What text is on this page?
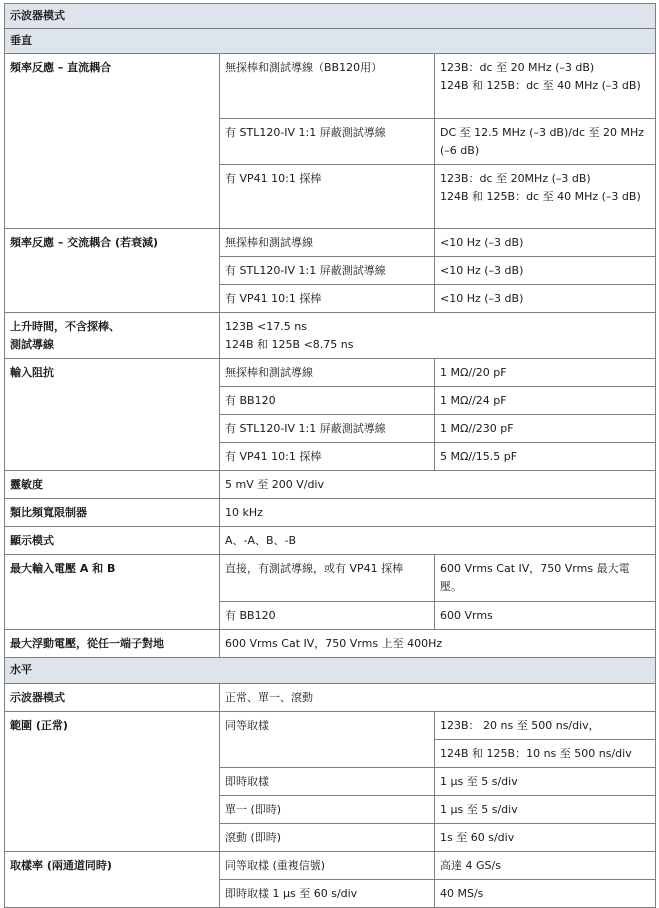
示波器模式		
垂直		
頻率反應 – 直流耦合	無探棒和測試導線（BB120用）	123B：dc 至 20 MHz (–3 dB)
124B 和 125B：dc 至 40 MHz (–3 dB)

	有 STL120-IV 1:1 屏蔽測試導線	DC 至 12.5 MHz (–3 dB)/dc 至 20 MHz (–6 dB)
	有 VP41 10:1 探棒	123B：dc 至 20MHz (–3 dB)
124B 和 125B：dc 至 40 MHz (–3 dB)

頻率反應 – 交流耦合 (若衰減)	無探棒和測試導線	<10 Hz (–3 dB)
	有 STL120-IV 1:1 屏蔽測試導線	<10 Hz (–3 dB)
	有 VP41 10:1 探棒	<10 Hz (–3 dB)

上升時間，不含探棒、
測試導線	123B <17.5 ns
124B 和 125B <8.75 ns	

輸入阻抗	無探棒和測試導線	1 MΩ//20 pF
	有 BB120	1 MΩ//24 pF
	有 STL120-IV 1:1 屏蔽測試導線	1 MΩ//230 pF
	有 VP41 10:1 探棒	5 MΩ//15.5 pF
靈敏度	5 mV 至 200 V/div	
類比頻寬限制器	10 kHz	
顯示模式	A、-A、B、-B	
最大輸入電壓 A 和 B	直接，有測試導線，或有 VP41 探棒	600 Vrms Cat IV，750 Vrms 最大電壓。
	有 BB120	600 Vrms
最大浮動電壓，從任一端子對地	600 Vrms Cat IV，750 Vrms 上至 400Hz	
水平		
示波器模式	正常、單一、滾動	
範圍 (正常)	同等取樣	123B： 20 ns 至 500 ns/div，
		124B 和 125B：10 ns 至 500 ns/div
	即時取樣	1 µs 至 5 s/div
	單一 (即時)	1 µs 至 5 s/div
	滾動 (即時)	1s 至 60 s/div
取樣率 (兩通道同時)	同等取樣 (重複信號)	高達 4 GS/s
	即時取樣 1 µs 至 60 s/div	40 MS/s
